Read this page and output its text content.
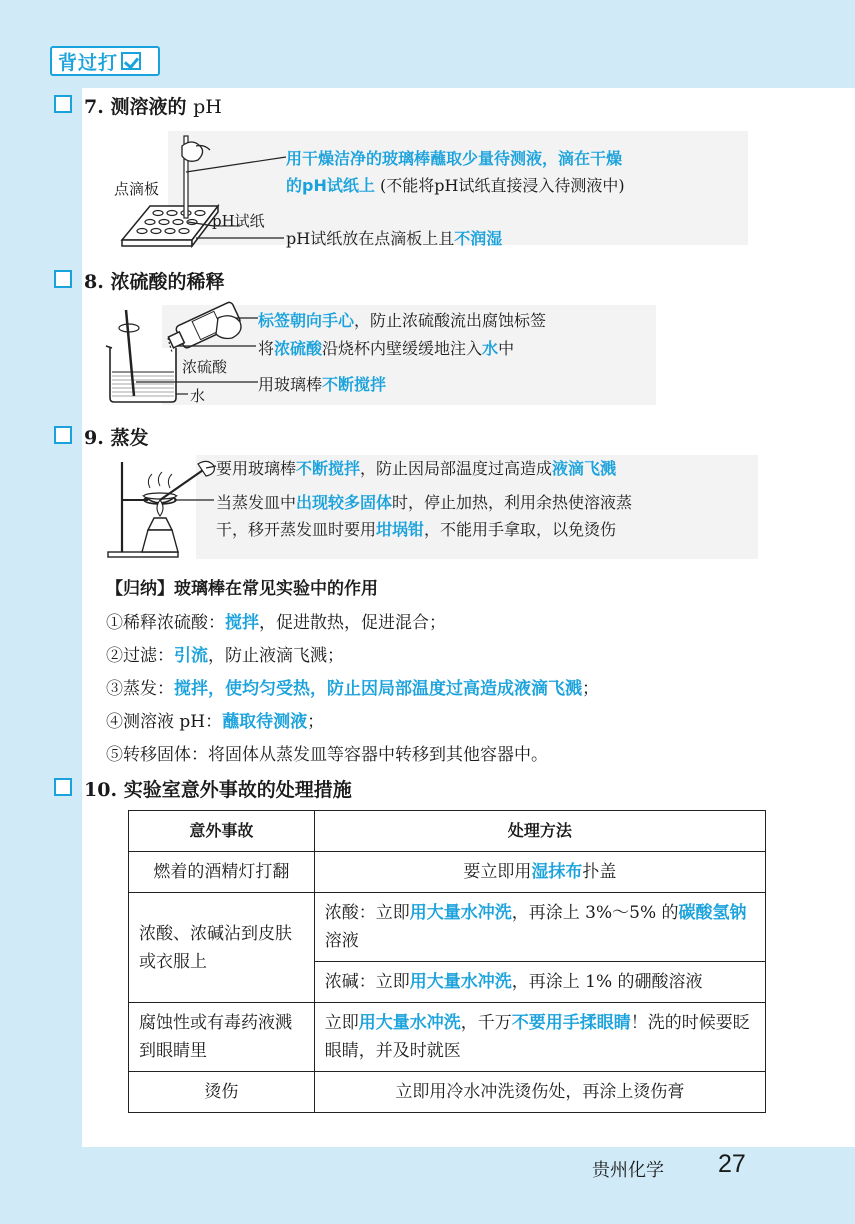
背过打
7. 测溶液的 pH
点滴板
pH试纸
用干燥洁净的玻璃棒蘸取少量待测液，滴在干燥
的pH试纸上 (不能将pH试纸直接浸入待测液中)
pH试纸放在点滴板上且不润湿
8. 浓硫酸的稀释
浓硫酸
水
标签朝向手心，防止浓硫酸流出腐蚀标签
将浓硫酸沿烧杯内壁缓缓地注入水中
用玻璃棒不断搅拌
9. 蒸发
要用玻璃棒不断搅拌，防止因局部温度过高造成液滴飞溅
当蒸发皿中出现较多固体时，停止加热，利用余热使溶液蒸
干，移开蒸发皿时要用坩埚钳，不能用手拿取，以免烫伤
【归纳】玻璃棒在常见实验中的作用
①稀释浓硫酸：搅拌，促进散热，促进混合；
②过滤：引流，防止液滴飞溅；
③蒸发：搅拌，使均匀受热，防止因局部温度过高造成液滴飞溅；
④测溶液 pH：蘸取待测液；
⑤转移固体：将固体从蒸发皿等容器中转移到其他容器中。
10. 实验室意外事故的处理措施
意外事故	处理方法
燃着的酒精灯打翻	要立即用湿抹布扑盖
浓酸、浓碱沾到皮肤或衣服上	浓酸：立即用大量水冲洗，再涂上 3%～5% 的碳酸氢钠溶液
	浓碱：立即用大量水冲洗，再涂上 1% 的硼酸溶液
腐蚀性或有毒药液溅到眼睛里	立即用大量水冲洗，千万不要用手揉眼睛！洗的时候要眨眼睛，并及时就医
烫伤	立即用冷水冲洗烫伤处，再涂上烫伤膏
贵州化学 27
